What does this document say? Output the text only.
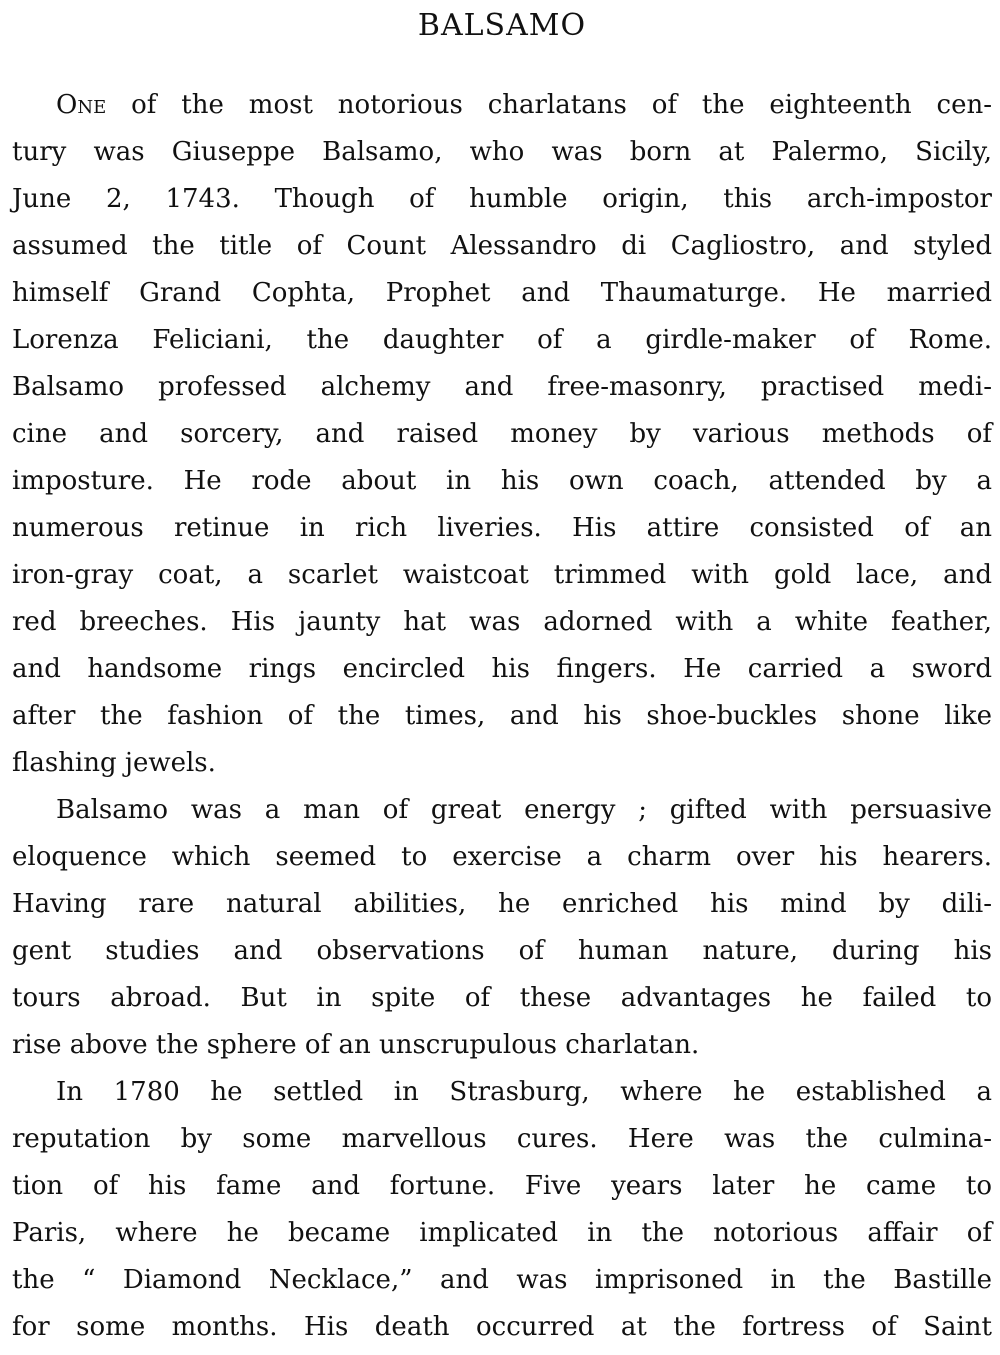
BALSAMO
One of the most notorious charlatans of the eighteenth cen-
tury was Giuseppe Balsamo, who was born at Palermo, Sicily,
June 2, 1743. Though of humble origin, this arch-impostor
assumed the title of Count Alessandro di Cagliostro, and styled
himself Grand Cophta, Prophet and Thaumaturge. He married
Lorenza Feliciani, the daughter of a girdle-maker of Rome.
Balsamo professed alchemy and free-masonry, practised medi-
cine and sorcery, and raised money by various methods of
imposture. He rode about in his own coach, attended by a
numerous retinue in rich liveries. His attire consisted of an
iron-gray coat, a scarlet waistcoat trimmed with gold lace, and
red breeches. His jaunty hat was adorned with a white feather,
and handsome rings encircled his fingers. He carried a sword
after the fashion of the times, and his shoe-buckles shone like
flashing jewels.
Balsamo was a man of great energy ; gifted with persuasive
eloquence which seemed to exercise a charm over his hearers.
Having rare natural abilities, he enriched his mind by dili-
gent studies and observations of human nature, during his
tours abroad. But in spite of these advantages he failed to
rise above the sphere of an unscrupulous charlatan.
In 1780 he settled in Strasburg, where he established a
reputation by some marvellous cures. Here was the culmina-
tion of his fame and fortune. Five years later he came to
Paris, where he became implicated in the notorious affair of
the “ Diamond Necklace,” and was imprisoned in the Bastille
for some months. His death occurred at the fortress of Saint
